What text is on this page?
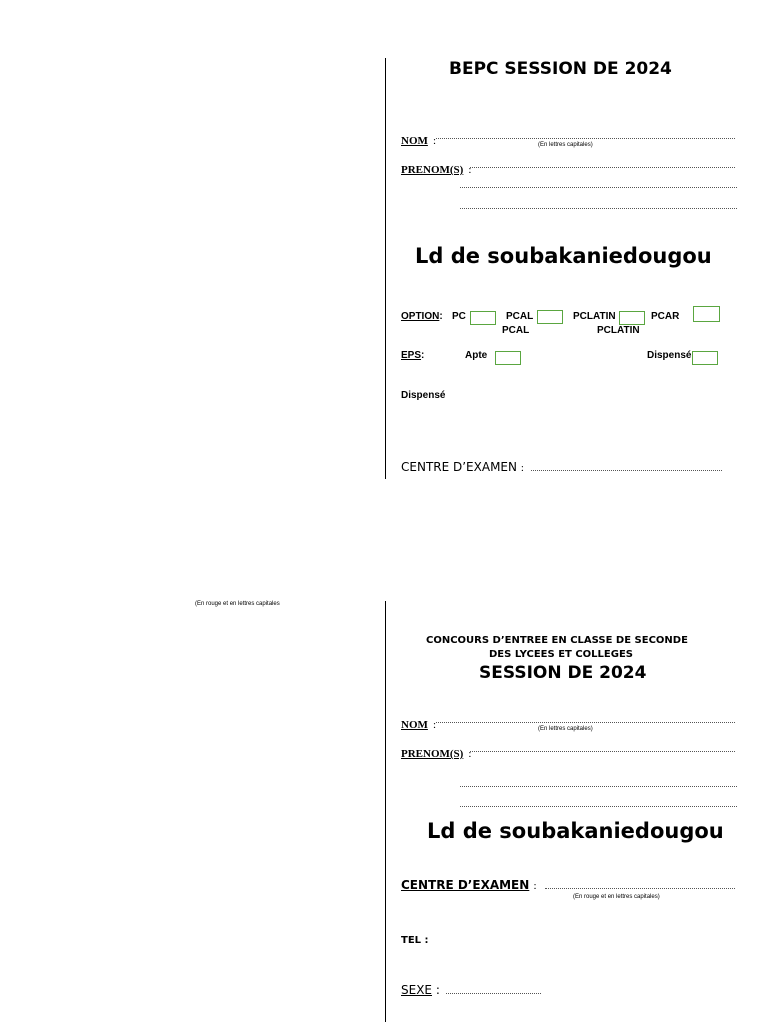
BEPC SESSION DE 2024
NOM :	(En lettres capitales)
PRENOM(S) :
Ld de soubakaniedougou
OPTION: PC	PCAL	PCLATIN	PCAR
PCAL	PCLATIN
EPS:	Apte	Dispensé
Dispensé
CENTRE D’EXAMEN :
(En rouge et en lettres capitales
CONCOURS D’ENTREE EN CLASSE DE SECONDE
DES LYCEES ET COLLEGES
SESSION DE 2024
NOM :	(En lettres capitales)
PRENOM(S) :
Ld de soubakaniedougou
CENTRE D’EXAMEN :
(En rouge et en lettres capitales)
TEL :
SEXE :
